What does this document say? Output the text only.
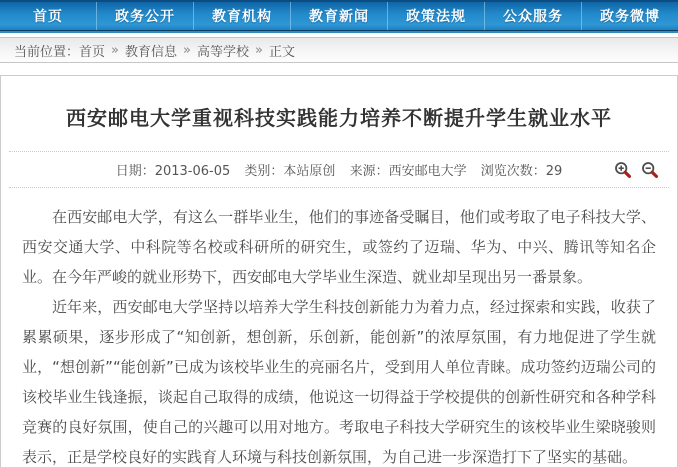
首页	政务公开	教育机构	教育新闻	政策法规	公众服务	政务微博
当前位置： 首页 » 教育信息 » 高等学校 » 正文
西安邮电大学重视科技实践能力培养不断提升学生就业水平
日期：2013-06-05 类别：本站原创 来源：西安邮电大学 浏览次数：29

在西安邮电大学，有这么一群毕业生，他们的事迹备受瞩目，他们或考取了电子科技大学、西安交通大学、中科院等名校或科研所的研究生，或签约了迈瑞、华为、中兴、腾讯等知名企业。在今年严峻的就业形势下，西安邮电大学毕业生深造、就业却呈现出另一番景象。

近年来，西安邮电大学坚持以培养大学生科技创新能力为着力点，经过探索和实践，收获了累累硕果，逐步形成了“知创新，想创新，乐创新，能创新”的浓厚氛围，有力地促进了学生就业，“想创新”“能创新”已成为该校毕业生的亮丽名片，受到用人单位青睐。成功签约迈瑞公司的该校毕业生钱逢振，谈起自己取得的成绩，他说这一切得益于学校提供的创新性研究和各种学科竞赛的良好氛围，使自己的兴趣可以用对地方。考取电子科技大学研究生的该校毕业生梁晓骏则表示，正是学校良好的实践育人环境与科技创新氛围，为自己进一步深造打下了坚实的基础。
